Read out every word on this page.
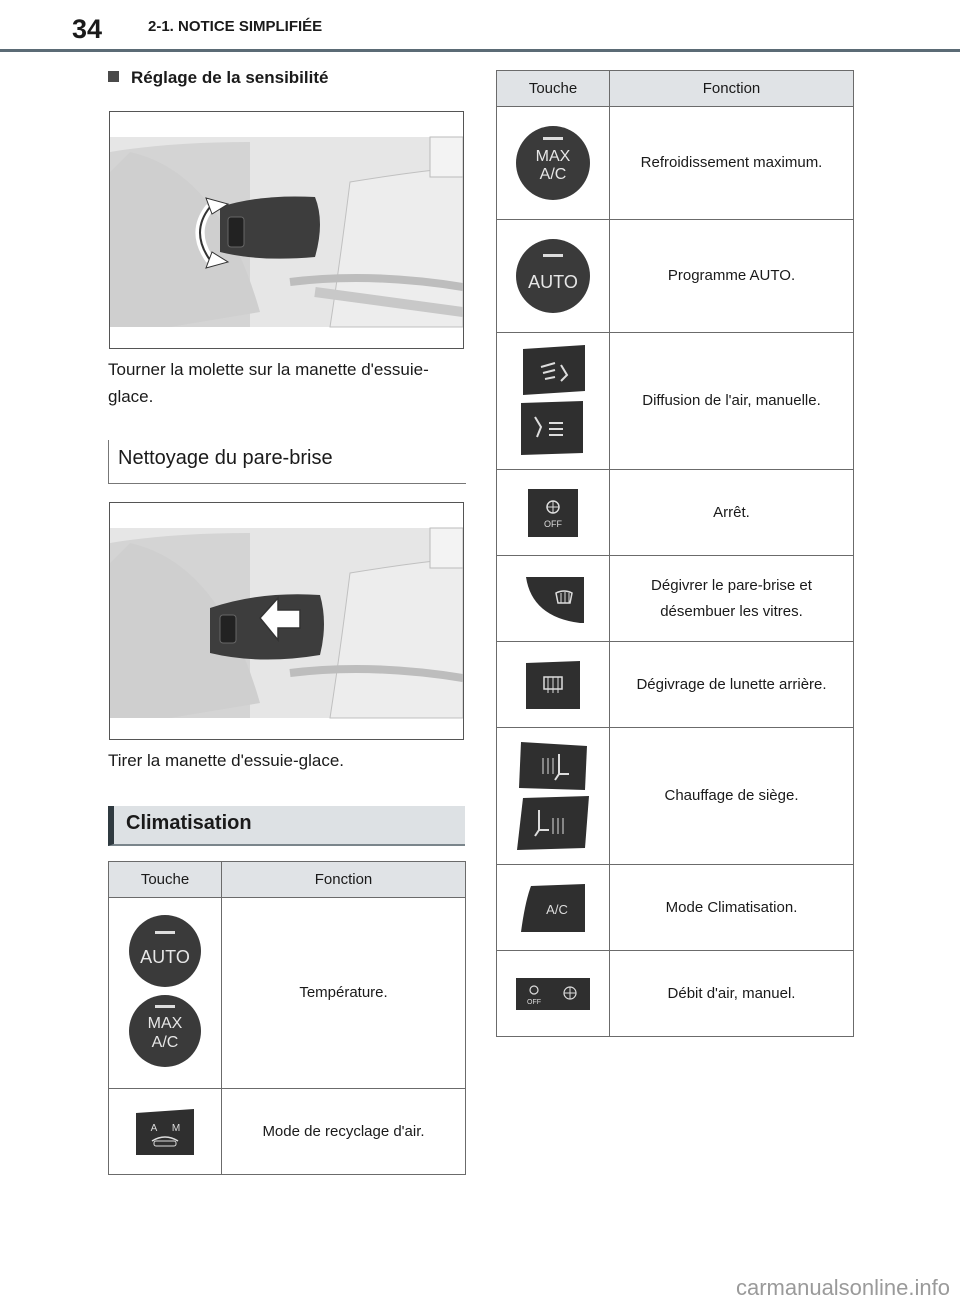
34	2-1. NOTICE SIMPLIFIÉE
Réglage de la sensibilité
Tourner la molette sur la manette d'essuie-glace.
Nettoyage du pare-brise
Tirer la manette d'essuie-glace.
Climatisation
Touche	Fonction

AUTO
MAX
A/C	Température.

A M	Mode de recyclage d'air.
Touche	Fonction

MAX
A/C	Refroidissement maximum.

AUTO	Programme AUTO.

	Diffusion de l'air, manuelle.

OFF	Arrêt.

	Dégivrer le pare-brise et désembuer les vitres.

	Dégivrage de lunette arrière.

	Chauffage de siège.

A/C	Mode Climatisation.

OFF	Débit d'air, manuel.
carmanualsonline.info
